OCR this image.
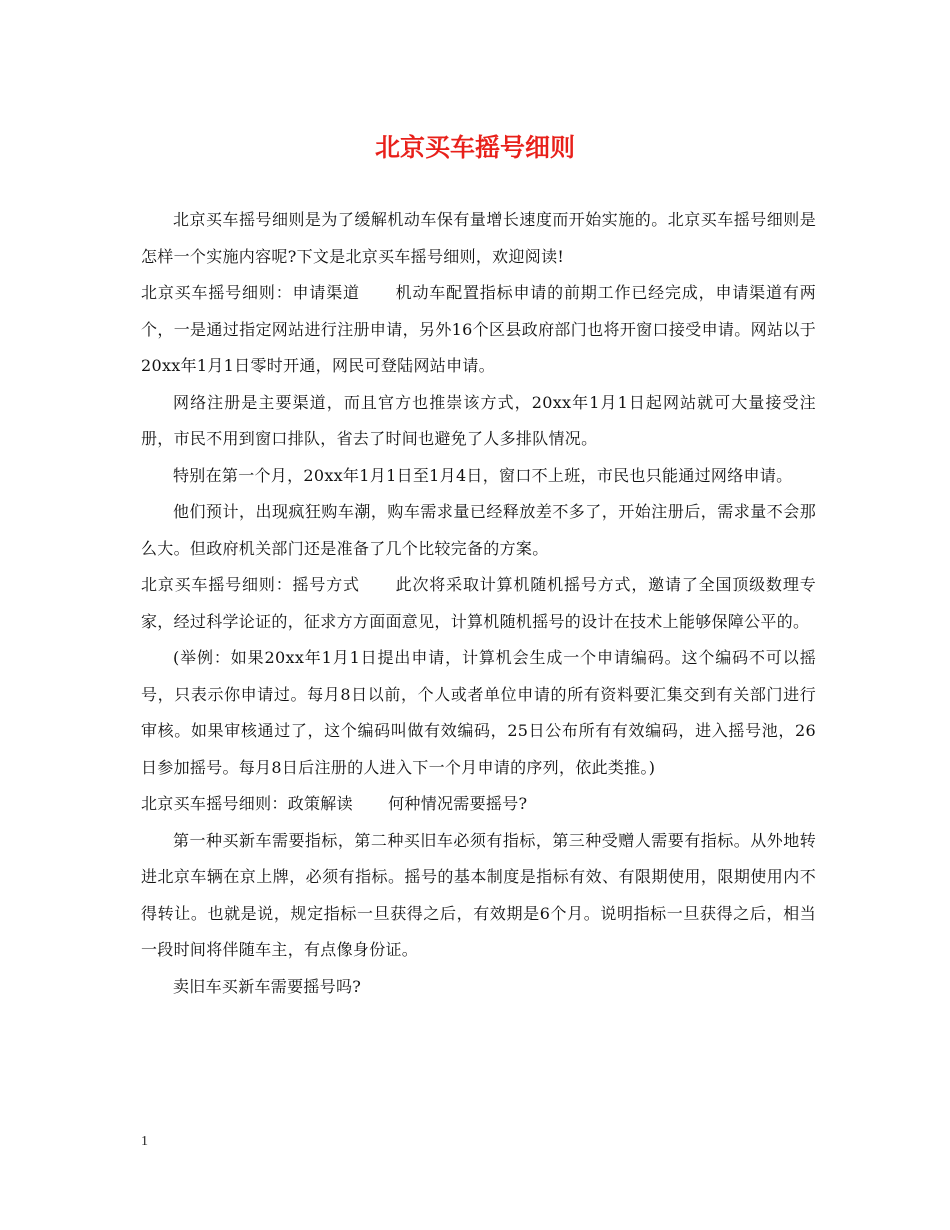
北京买车摇号细则

北京买车摇号细则是为了缓解机动车保有量增长速度而开始实施的。北京买车摇号细则是怎样一个实施内容呢?下文是北京买车摇号细则，欢迎阅读!

北京买车摇号细则：申请渠道 机动车配置指标申请的前期工作已经完成，申请渠道有两个，一是通过指定网站进行注册申请，另外16个区县政府部门也将开窗口接受申请。网站以于20xx年1月1日零时开通，网民可登陆网站申请。

网络注册是主要渠道，而且官方也推崇该方式，20xx年1月1日起网站就可大量接受注册，市民不用到窗口排队，省去了时间也避免了人多排队情况。

特别在第一个月，20xx年1月1日至1月4日，窗口不上班，市民也只能通过网络申请。

他们预计，出现疯狂购车潮，购车需求量已经释放差不多了，开始注册后，需求量不会那么大。但政府机关部门还是准备了几个比较完备的方案。

北京买车摇号细则：摇号方式 此次将采取计算机随机摇号方式，邀请了全国顶级数理专家，经过科学论证的，征求方方面面意见，计算机随机摇号的设计在技术上能够保障公平的。

(举例：如果20xx年1月1日提出申请，计算机会生成一个申请编码。这个编码不可以摇号，只表示你申请过。每月8日以前，个人或者单位申请的所有资料要汇集交到有关部门进行审核。如果审核通过了，这个编码叫做有效编码，25日公布所有有效编码，进入摇号池，26日参加摇号。每月8日后注册的人进入下一个月申请的序列，依此类推。)

北京买车摇号细则：政策解读 何种情况需要摇号?

第一种买新车需要指标，第二种买旧车必须有指标，第三种受赠人需要有指标。从外地转进北京车辆在京上牌，必须有指标。摇号的基本制度是指标有效、有限期使用，限期使用内不得转让。也就是说，规定指标一旦获得之后，有效期是6个月。说明指标一旦获得之后，相当一段时间将伴随车主，有点像身份证。

卖旧车买新车需要摇号吗?

1
